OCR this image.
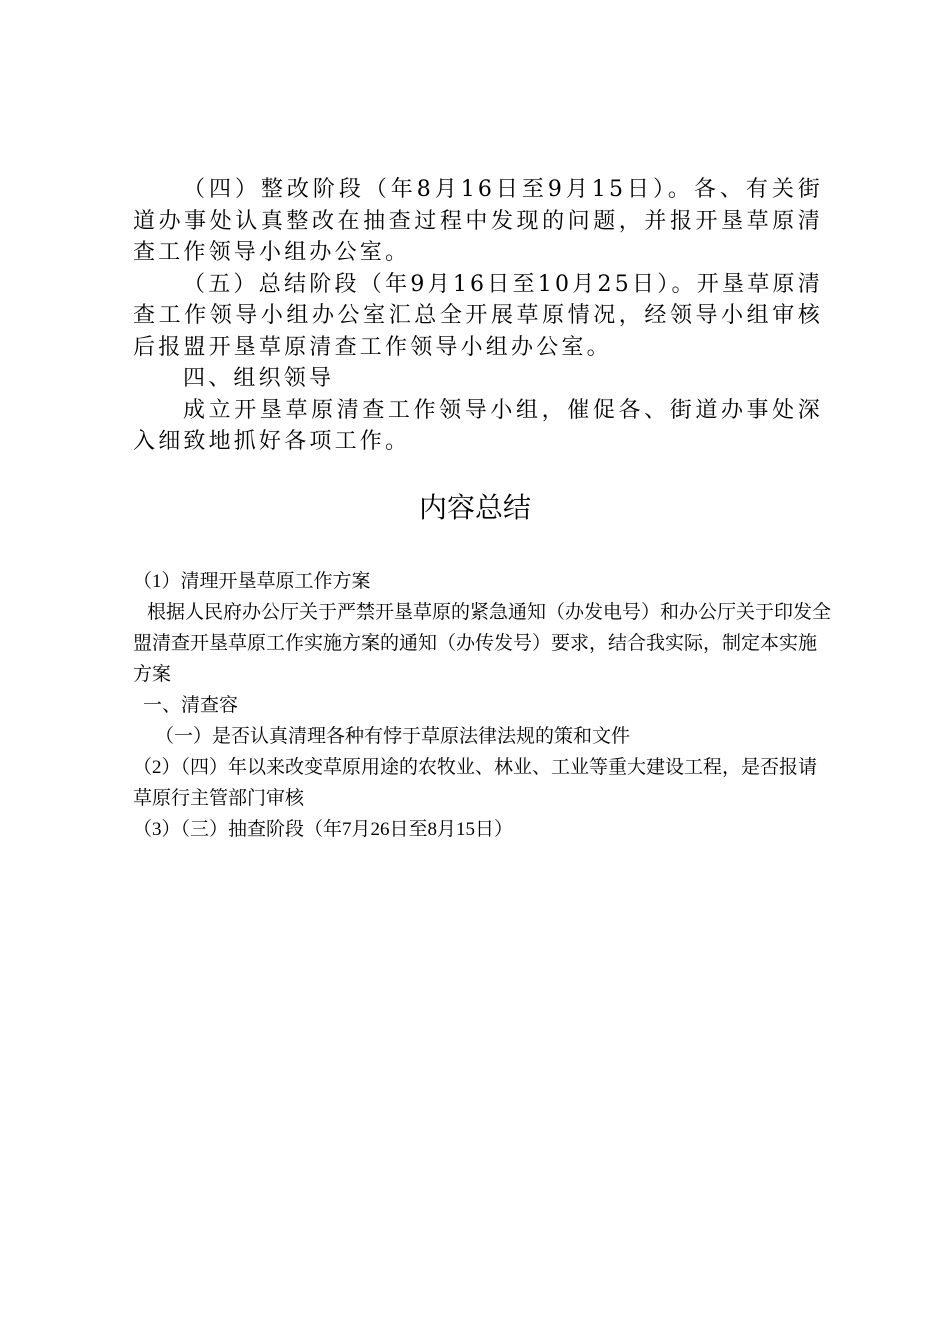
（四）整改阶段（年8月16日至9月15日）。各、有关街道办事处认真整改在抽查过程中发现的问题，并报开垦草原清查工作领导小组办公室。

（五）总结阶段（年9月16日至10月25日）。开垦草原清查工作领导小组办公室汇总全开展草原情况，经领导小组审核后报盟开垦草原清查工作领导小组办公室。

四、组织领导

成立开垦草原清查工作领导小组，催促各、街道办事处深入细致地抓好各项工作。

内容总结

（1）清理开垦草原工作方案

根据人民府办公厅关于严禁开垦草原的紧急通知（办发电号）和办公厅关于印发全盟清查开垦草原工作实施方案的通知（办传发号）要求，结合我实际，制定本实施方案

一、清查容

（一）是否认真清理各种有悖于草原法律法规的策和文件

（2）（四）年以来改变草原用途的农牧业、林业、工业等重大建设工程，是否报请草原行主管部门审核

（3）（三）抽查阶段（年7月26日至8月15日）
